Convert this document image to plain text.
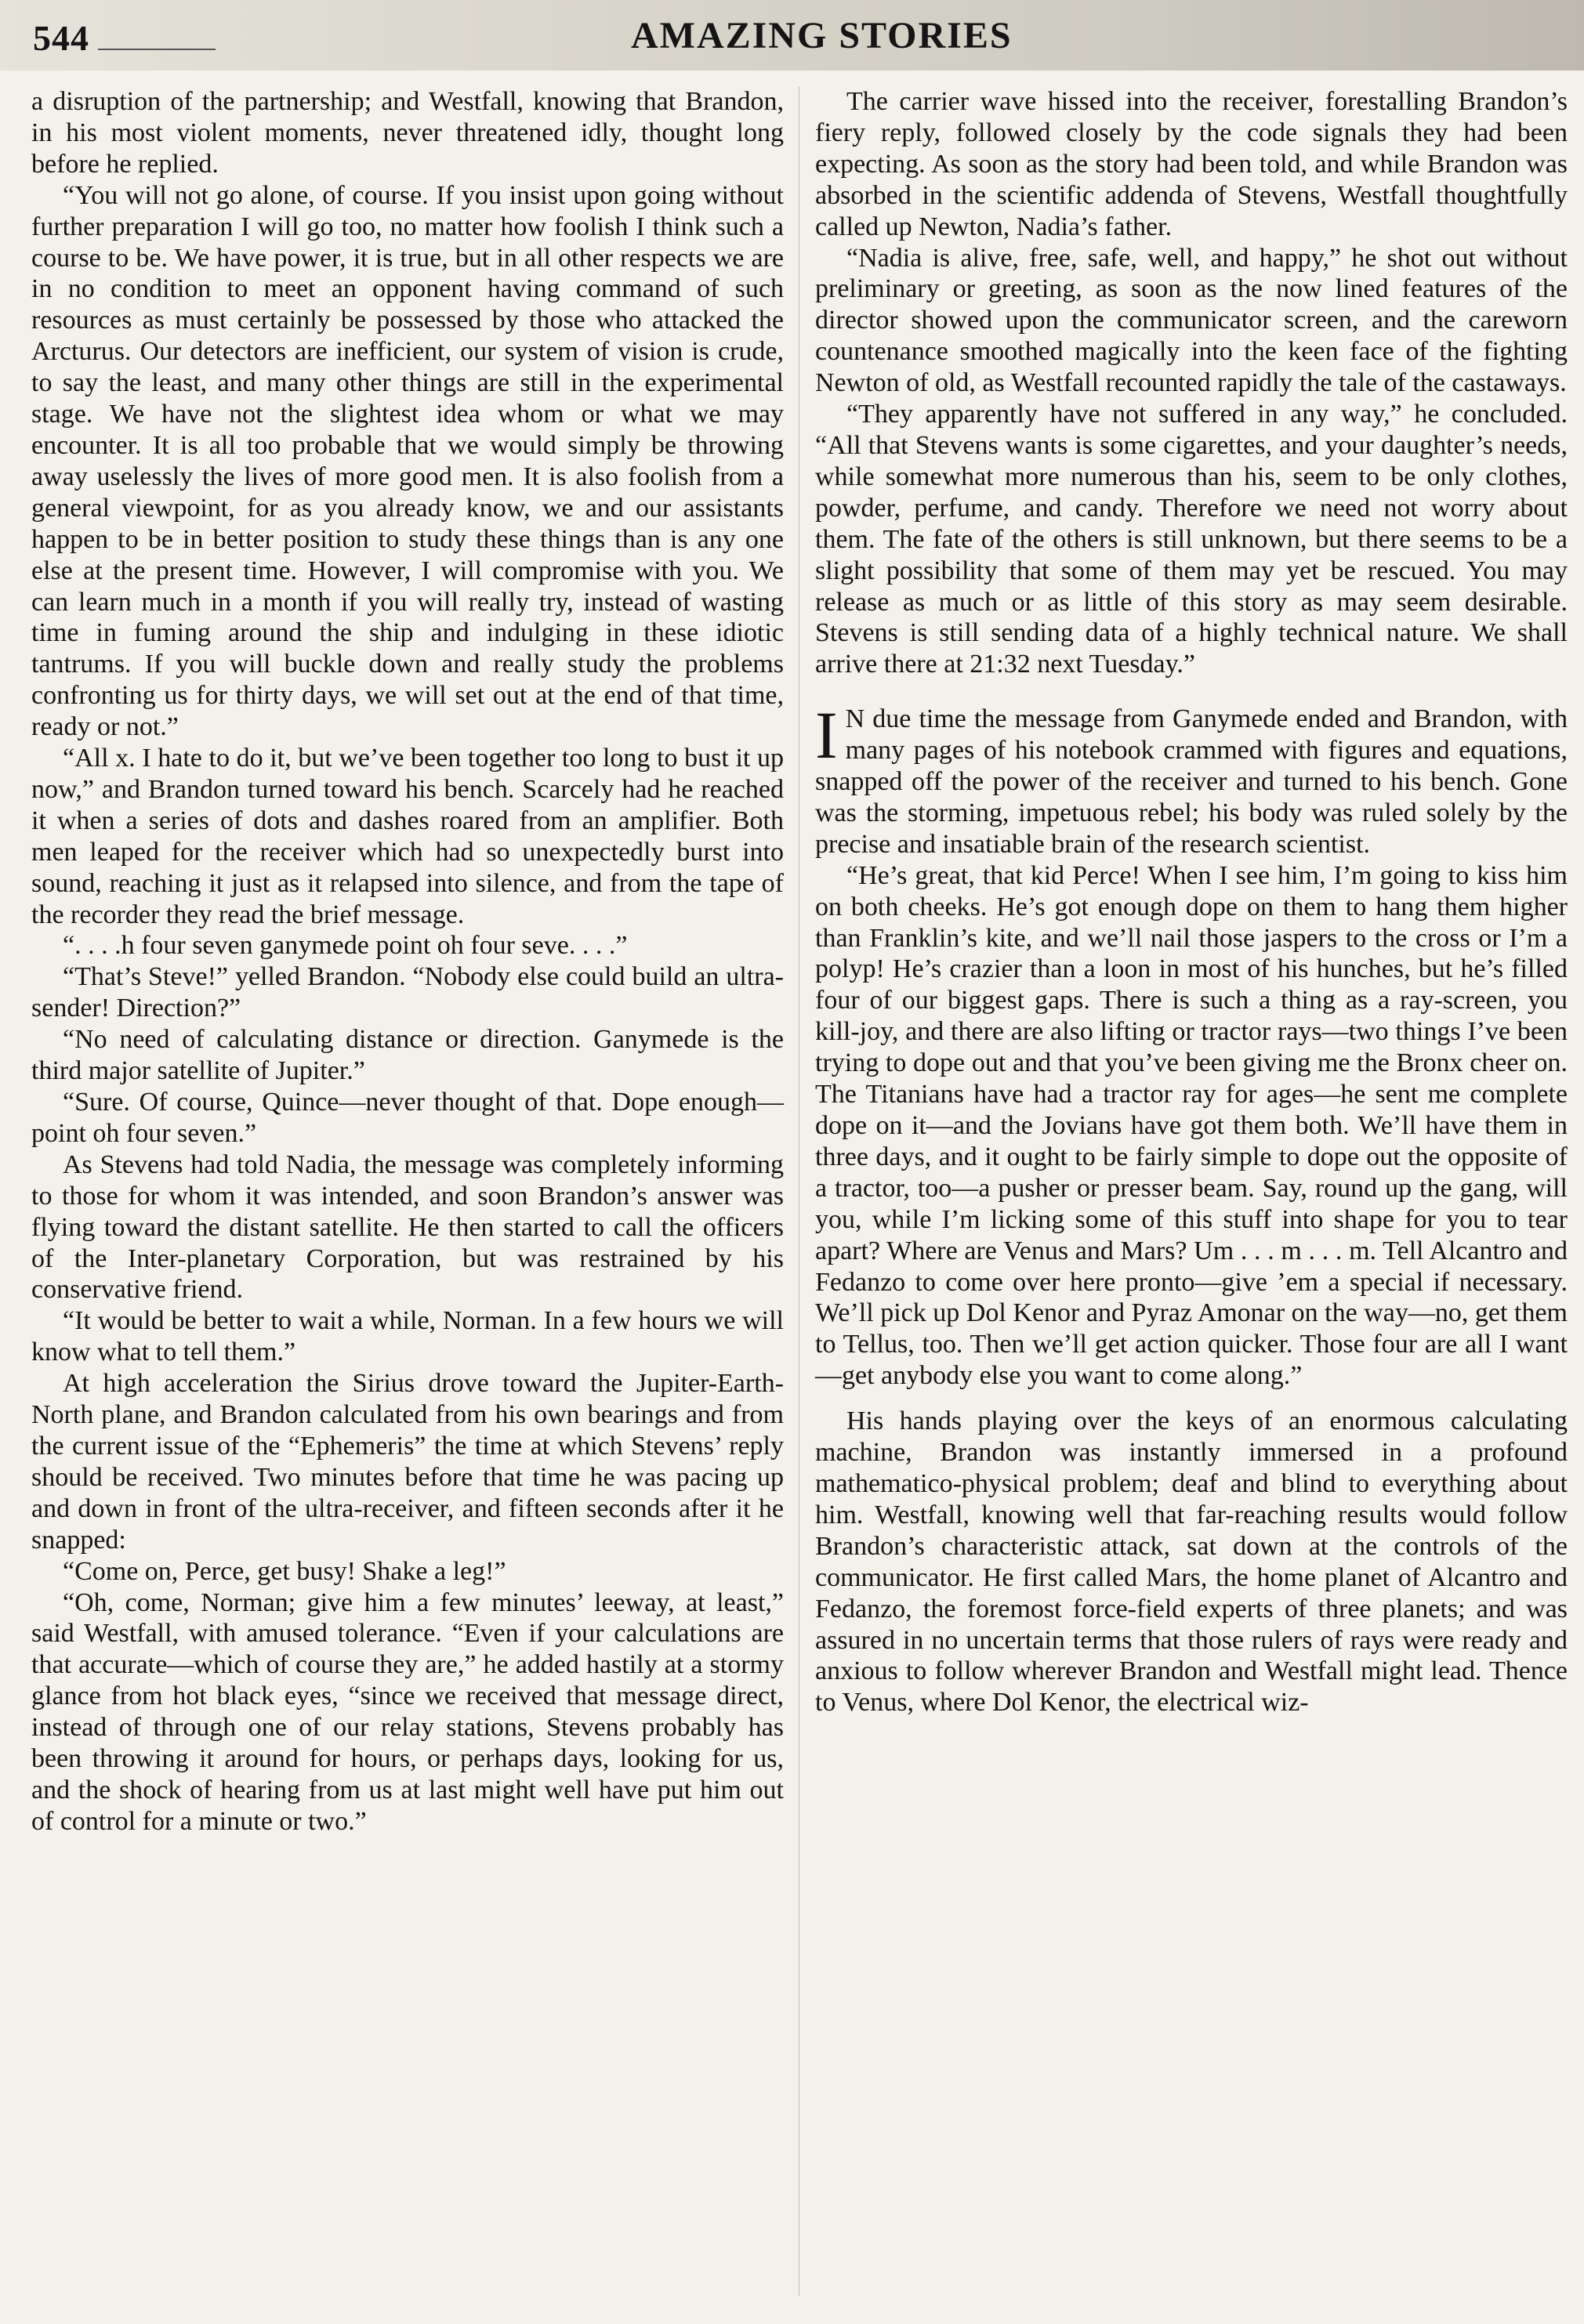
544	AMAZING STORIES

a disruption of the partnership; and Westfall, knowing that Brandon, in his most violent moments, never threatened idly, thought long before he replied.

“You will not go alone, of course. If you insist upon going without further preparation I will go too, no matter how foolish I think such a course to be. We have power, it is true, but in all other respects we are in no condition to meet an opponent having command of such resources as must certainly be possessed by those who attacked the Arcturus. Our detectors are inefficient, our system of vision is crude, to say the least, and many other things are still in the experimental stage. We have not the slightest idea whom or what we may encounter. It is all too probable that we would simply be throwing away uselessly the lives of more good men. It is also foolish from a general viewpoint, for as you already know, we and our assistants happen to be in better position to study these things than is any one else at the present time. However, I will compromise with you. We can learn much in a month if you will really try, instead of wasting time in fuming around the ship and indulging in these idiotic tantrums. If you will buckle down and really study the problems confronting us for thirty days, we will set out at the end of that time, ready or not.”

“All x. I hate to do it, but we’ve been together too long to bust it up now,” and Brandon turned toward his bench. Scarcely had he reached it when a series of dots and dashes roared from an amplifier. Both men leaped for the receiver which had so unexpectedly burst into sound, reaching it just as it relapsed into silence, and from the tape of the recorder they read the brief message.

“. . . .h four seven ganymede point oh four seve. . . .”

“That’s Steve!” yelled Brandon. “Nobody else could build an ultra-sender! Direction?”

“No need of calculating distance or direction. Ganymede is the third major satellite of Jupiter.”

“Sure. Of course, Quince—never thought of that. Dope enough—point oh four seven.”

As Stevens had told Nadia, the message was completely informing to those for whom it was intended, and soon Brandon’s answer was flying toward the distant satellite. He then started to call the officers of the Inter-planetary Corporation, but was restrained by his conservative friend.

“It would be better to wait a while, Norman. In a few hours we will know what to tell them.”

At high acceleration the Sirius drove toward the Jupiter-Earth-North plane, and Brandon calculated from his own bearings and from the current issue of the “Ephemeris” the time at which Stevens’ reply should be received. Two minutes before that time he was pacing up and down in front of the ultra-receiver, and fifteen seconds after it he snapped:

“Come on, Perce, get busy! Shake a leg!”

“Oh, come, Norman; give him a few minutes’ leeway, at least,” said Westfall, with amused tolerance. “Even if your calculations are that accurate—which of course they are,” he added hastily at a stormy glance from hot black eyes, “since we received that message direct, instead of through one of our relay stations, Stevens probably has been throwing it around for hours, or perhaps days, looking for us, and the shock of hearing from us at last might well have put him out of control for a minute or two.”

The carrier wave hissed into the receiver, forestalling Brandon’s fiery reply, followed closely by the code signals they had been expecting. As soon as the story had been told, and while Brandon was absorbed in the scientific addenda of Stevens, Westfall thoughtfully called up Newton, Nadia’s father.

“Nadia is alive, free, safe, well, and happy,” he shot out without preliminary or greeting, as soon as the now lined features of the director showed upon the communicator screen, and the careworn countenance smoothed magically into the keen face of the fighting Newton of old, as Westfall recounted rapidly the tale of the castaways.

“They apparently have not suffered in any way,” he concluded. “All that Stevens wants is some cigarettes, and your daughter’s needs, while somewhat more numerous than his, seem to be only clothes, powder, perfume, and candy. Therefore we need not worry about them. The fate of the others is still unknown, but there seems to be a slight possibility that some of them may yet be rescued. You may release as much or as little of this story as may seem desirable. Stevens is still sending data of a highly technical nature. We shall arrive there at 21:32 next Tuesday.”

I N due time the message from Ganymede ended and Brandon, with many pages of his notebook crammed with figures and equations, snapped off the power of the receiver and turned to his bench. Gone was the storming, impetuous rebel; his body was ruled solely by the precise and insatiable brain of the research scientist.

“He’s great, that kid Perce! When I see him, I’m going to kiss him on both cheeks. He’s got enough dope on them to hang them higher than Franklin’s kite, and we’ll nail those jaspers to the cross or I’m a polyp! He’s crazier than a loon in most of his hunches, but he’s filled four of our biggest gaps. There is such a thing as a ray-screen, you kill-joy, and there are also lifting or tractor rays—two things I’ve been trying to dope out and that you’ve been giving me the Bronx cheer on. The Titanians have had a tractor ray for ages—he sent me complete dope on it—and the Jovians have got them both. We’ll have them in three days, and it ought to be fairly simple to dope out the opposite of a tractor, too—a pusher or presser beam. Say, round up the gang, will you, while I’m licking some of this stuff into shape for you to tear apart? Where are Venus and Mars? Um . . . m . . . m. Tell Alcantro and Fedanzo to come over here pronto—give ’em a special if necessary. We’ll pick up Dol Kenor and Pyraz Amonar on the way—no, get them to Tellus, too. Then we’ll get action quicker. Those four are all I want—get anybody else you want to come along.”

His hands playing over the keys of an enormous calculating machine, Brandon was instantly immersed in a profound mathematico-physical problem; deaf and blind to everything about him. Westfall, knowing well that far-reaching results would follow Brandon’s characteristic attack, sat down at the controls of the communicator. He first called Mars, the home planet of Alcantro and Fedanzo, the foremost force-field experts of three planets; and was assured in no uncertain terms that those rulers of rays were ready and anxious to follow wherever Brandon and Westfall might lead. Thence to Venus, where Dol Kenor, the electrical wiz-
